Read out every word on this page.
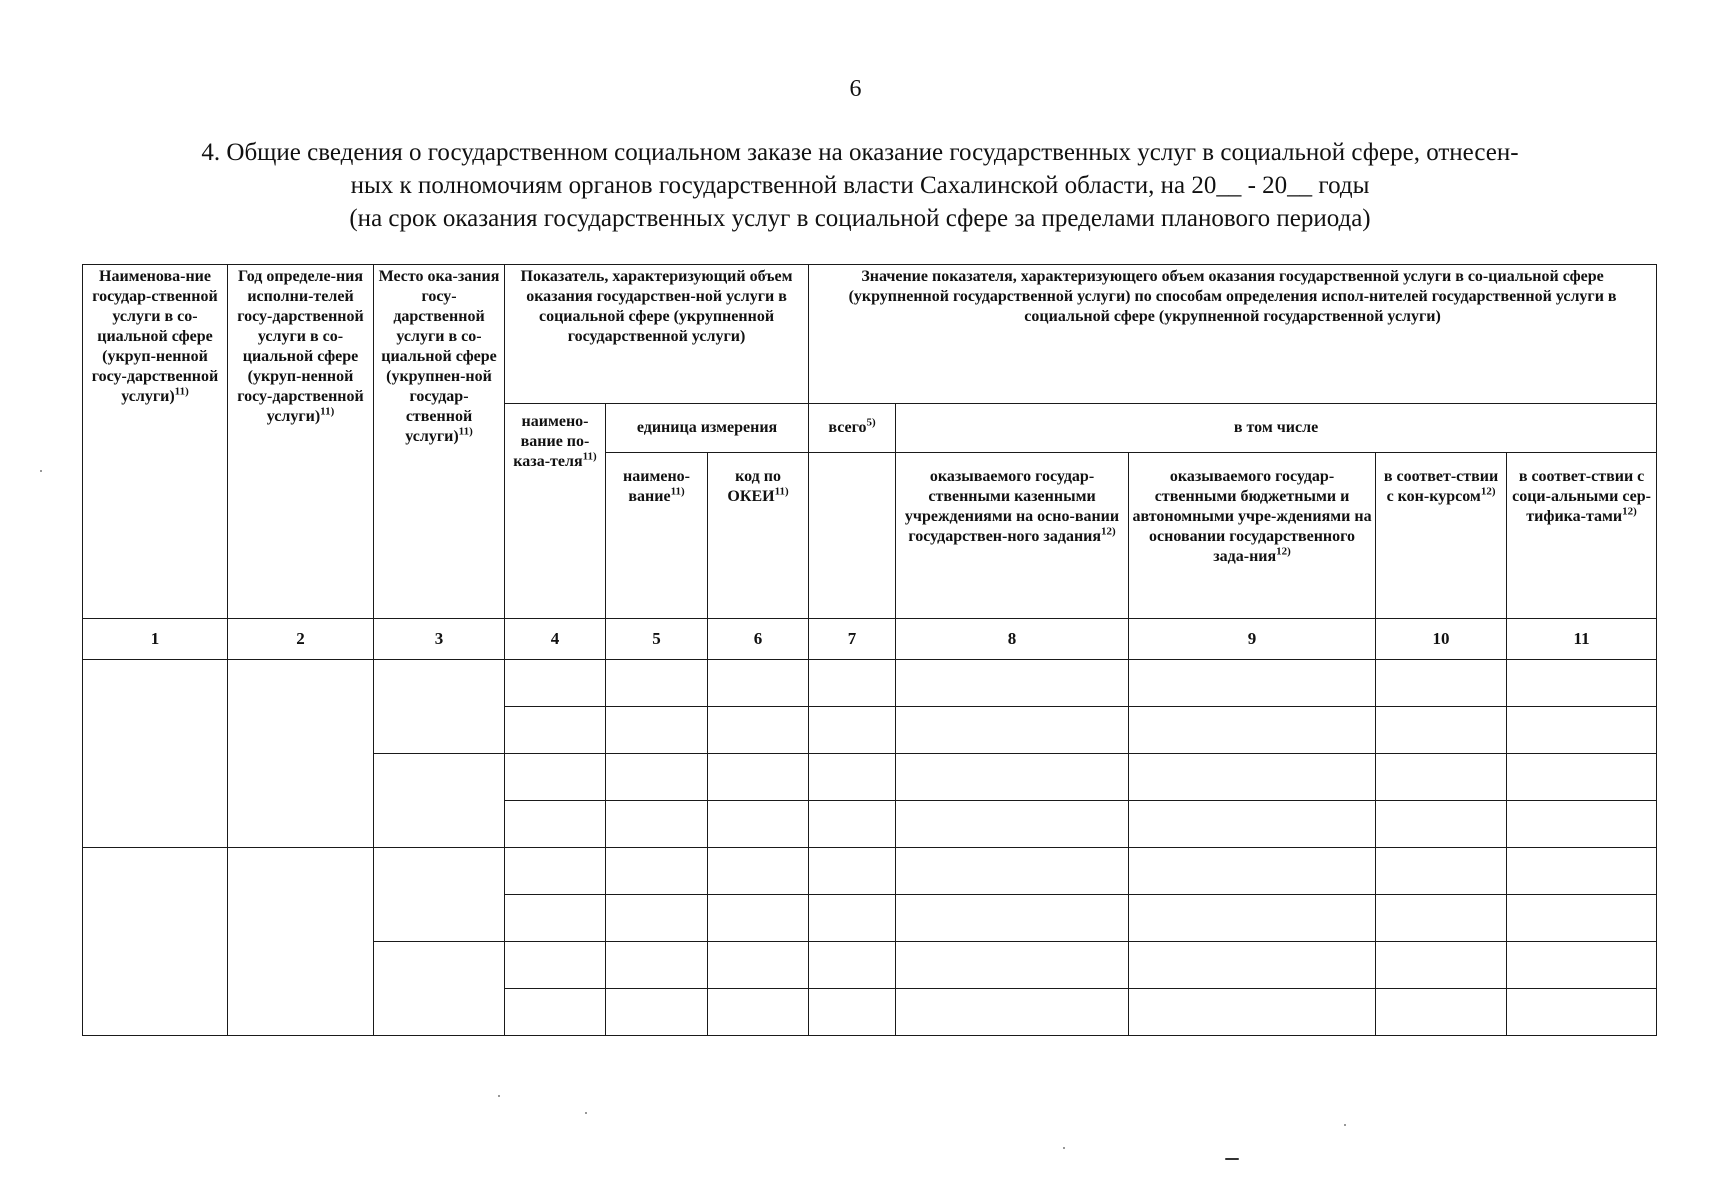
6
4. Общие сведения о государственном социальном заказе на оказание государственных услуг в социальной сфере, отнесен-
ных к полномочиям органов государственной власти Сахалинской области, на 20__ - 20__ годы
(на срок оказания государственных услуг в социальной сфере за пределами планового периода)
Наименова-ние государ-ственной услуги в со-циальной сфере (укруп-ненной госу-дарственной услуги)$^{11)}$	Год определе-ния исполни-телей госу-дарственной услуги в со-циальной сфере (укруп-ненной госу-дарственной услуги)$^{11)}$	Место ока-зания госу-дарственной услуги в со-циальной сфере (укрупнен-ной государ-ственной услуги)$^{11)}$	Показатель, характеризующий объем оказания государствен-ной услуги в социальной сфере (укрупненной государственной услуги)			Значение показателя, характеризующего объем оказания государственной услуги в со-циальной сфере (укрупненной государственной услуги) по способам определения испол-нителей государственной услуги в социальной сфере (укрупненной государственной услуги)				
			наимено-вание по-каза-теля$^{11)}$	единица измерения		всего$^{5)}$	в том числе			
				наимено-вание$^{11)}$	код по ОКЕИ$^{11)}$		оказываемого государ-ственными казенными учреждениями на осно-вании государствен-ного задания$^{12)}$	оказываемого государ-ственными бюджетными и автономными учре-ждениями на основании государственного зада-ния$^{12)}$	в соответ-ствии с кон-курсом$^{12)}$	в соответ-ствии с соци-альными сер-тифика-тами$^{12)}$
1	2	3	4	5	6	7	8	9	10	11
